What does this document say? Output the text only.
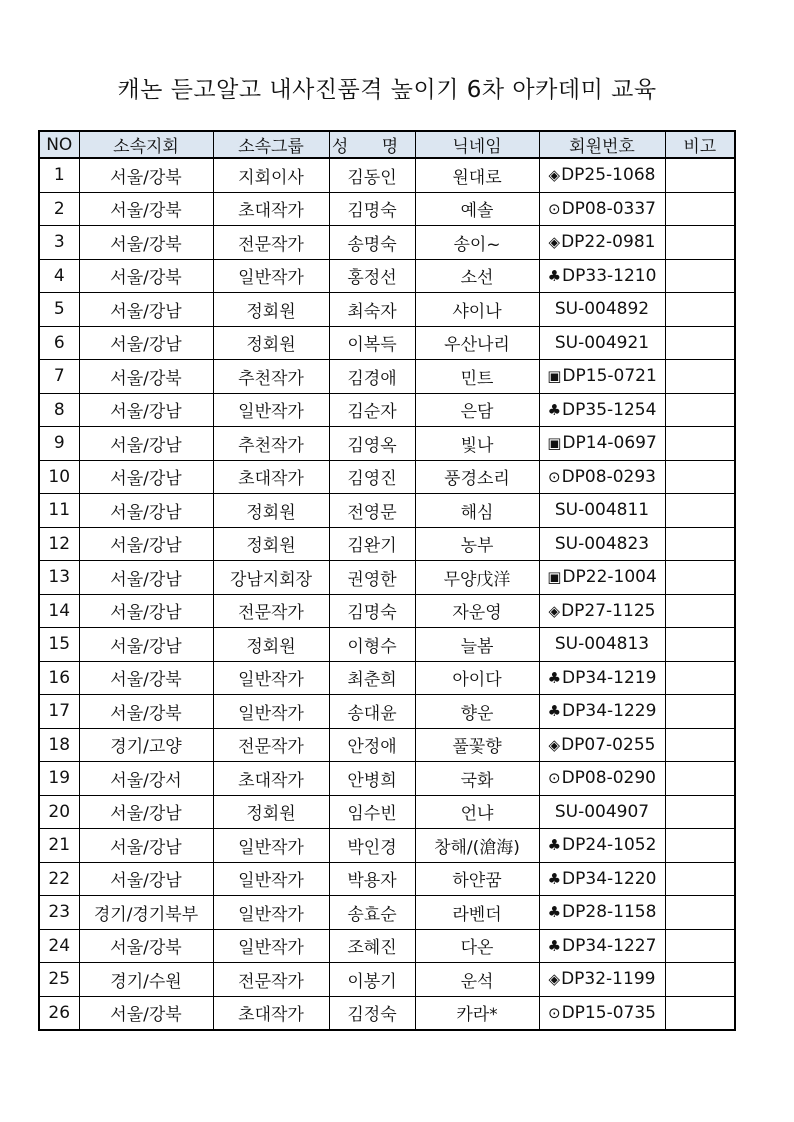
캐논 듣고알고 내사진품격 높이기 6차 아카데미 교육
NO	소속지회	소속그룹	성 명	닉네임	회원번호	비고
1	서울/강북	지회이사	김동인	원대로	◈DP25-1068	
2	서울/강북	초대작가	김명숙	예솔	⊙DP08-0337	
3	서울/강북	전문작가	송명숙	송이~	◈DP22-0981	
4	서울/강북	일반작가	홍정선	소선	♣DP33-1210	
5	서울/강남	정회원	최숙자	샤이나	SU-004892	
6	서울/강남	정회원	이복득	우산나리	SU-004921	
7	서울/강북	추천작가	김경애	민트	▣DP15-0721	
8	서울/강남	일반작가	김순자	은담	♣DP35-1254	
9	서울/강남	추천작가	김영옥	빛나	▣DP14-0697	
10	서울/강남	초대작가	김영진	풍경소리	⊙DP08-0293	
11	서울/강남	정회원	전영문	해심	SU-004811	
12	서울/강남	정회원	김완기	농부	SU-004823	
13	서울/강남	강남지회장	권영한	무양戊洋	▣DP22-1004	
14	서울/강남	전문작가	김명숙	자운영	◈DP27-1125	
15	서울/강남	정회원	이형수	늘봄	SU-004813	
16	서울/강북	일반작가	최춘희	아이다	♣DP34-1219	
17	서울/강북	일반작가	송대윤	향운	♣DP34-1229	
18	경기/고양	전문작가	안정애	풀꽃향	◈DP07-0255	
19	서울/강서	초대작가	안병희	국화	⊙DP08-0290	
20	서울/강남	정회원	임수빈	언냐	SU-004907	
21	서울/강남	일반작가	박인경	창해/(滄海)	♣DP24-1052	
22	서울/강남	일반작가	박용자	하얀꿈	♣DP34-1220	
23	경기/경기북부	일반작가	송효순	라벤더	♣DP28-1158	
24	서울/강북	일반작가	조혜진	다온	♣DP34-1227	
25	경기/수원	전문작가	이봉기	운석	◈DP32-1199	
26	서울/강북	초대작가	김정숙	카라*	⊙DP15-0735	
